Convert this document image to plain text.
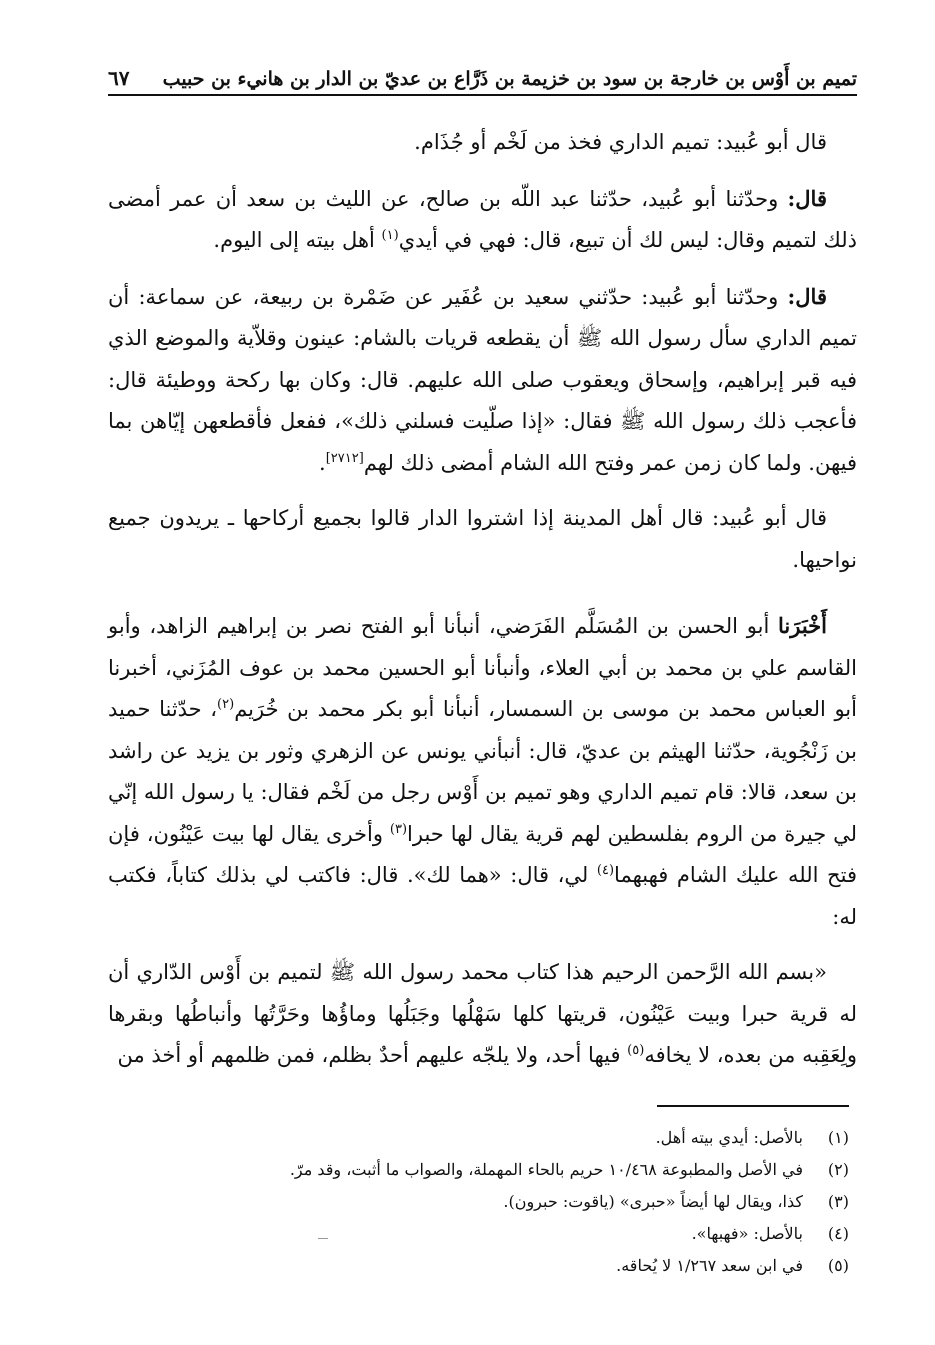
تميم بن أَوْس بن خارجة بن سود بن خزيمة بن ذَرَّاع بن عديّ بن الدار بن هانيء بن حبيب
٦٧

قال أبو عُبيد: تميم الداري فخذ من لَخْم أو جُذَام.

قال: وحدّثنا أبو عُبيد، حدّثنا عبد اللّه بن صالح، عن الليث بن سعد أن عمر أمضى ذلك لتميم وقال: ليس لك أن تبيع، قال: فهي في أيدي$^{(١)}$ أهل بيته إلى اليوم.

قال: وحدّثنا أبو عُبيد: حدّثني سعيد بن عُفَير عن ضَمْرة بن ربيعة، عن سماعة: أن تميم الداري سأل رسول الله ﷺ أن يقطعه قريات بالشام: عينون وقلاّية والموضع الذي فيه قبر إبراهيم، وإسحاق ويعقوب صلى الله عليهم. قال: وكان بها ركحة ووطيئة قال: فأعجب ذلك رسول الله ﷺ فقال: «إذا صلّيت فسلني ذلك»، ففعل فأقطعهن إيّاهن بما فيهن. ولما كان زمن عمر وفتح الله الشام أمضى ذلك لهم[٢٧١٢].

قال أبو عُبيد: قال أهل المدينة إذا اشتروا الدار قالوا بجميع أركاحها ـ يريدون جميع نواحيها.

أَخْبَرَنا أبو الحسن بن المُسَلَّم الفَرَضي، أنبأنا أبو الفتح نصر بن إبراهيم الزاهد، وأبو القاسم علي بن محمد بن أبي العلاء، وأنبأنا أبو الحسين محمد بن عوف المُزَني، أخبرنا أبو العباس محمد بن موسى بن السمسار، أنبأنا أبو بكر محمد بن خُرَيم$^{(٢)}$، حدّثنا حميد بن زَنْجُوية، حدّثنا الهيثم بن عديّ، قال: أنبأني يونس عن الزهري وثور بن يزيد عن راشد بن سعد، قالا: قام تميم الداري وهو تميم بن أَوْس رجل من لَخْم فقال: يا رسول الله إنّي لي جيرة من الروم بفلسطين لهم قرية يقال لها حبرا$^{(٣)}$ وأخرى يقال لها بيت عَيْنُون، فإن فتح الله عليك الشام فهبهما$^{(٤)}$ لي، قال: «هما لك». قال: فاكتب لي بذلك كتاباً، فكتب له:

«بسم الله الرَّحمن الرحيم هذا كتاب محمد رسول الله ﷺ لتميم بن أَوْس الدّاري أن له قرية حبرا وبيت عَيْنُون، قريتها كلها سَهْلُها وجَبَلُها وماؤُها وحَرَّتُها وأنباطُها وبقرها ولِعَقِبه من بعده، لا يخافه$^{(٥)}$ فيها أحد، ولا يلجّه عليهم أحدٌ بظلم، فمن ظلمهم أو أخذ من

(١)
بالأصل: أيدي بيته أهل.
(٢)
في الأصل والمطبوعة ١٠/٤٦٨ حريم بالحاء المهملة، والصواب ما أثبت، وقد مرّ.
(٣)
كذا، ويقال لها أيضاً «حبرى» (ياقوت: حبرون).
(٤)
بالأصل: «فهبها».
(٥)
في ابن سعد ١/٢٦٧ لا يُحاقه.
